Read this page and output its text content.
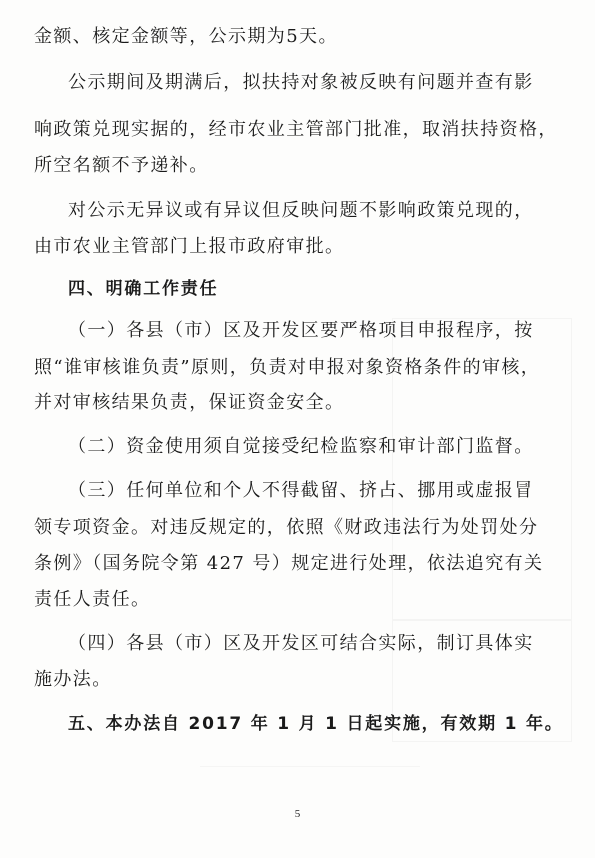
金额、核定金额等，公示期为5天。
公示期间及期满后，拟扶持对象被反映有问题并查有影
响政策兑现实据的，经市农业主管部门批准，取消扶持资格，
所空名额不予递补。
对公示无异议或有异议但反映问题不影响政策兑现的，
由市农业主管部门上报市政府审批。
四、明确工作责任
（一）各县（市）区及开发区要严格项目申报程序，按
照“谁审核谁负责”原则，负责对申报对象资格条件的审核，
并对审核结果负责，保证资金安全。
（二）资金使用须自觉接受纪检监察和审计部门监督。
（三）任何单位和个人不得截留、挤占、挪用或虚报冒
领专项资金。对违反规定的，依照《财政违法行为处罚处分
条例》（国务院令第 427 号）规定进行处理，依法追究有关
责任人责任。
（四）各县（市）区及开发区可结合实际，制订具体实
施办法。
五、本办法自 2017 年 1 月 1 日起实施，有效期 1 年。
5
